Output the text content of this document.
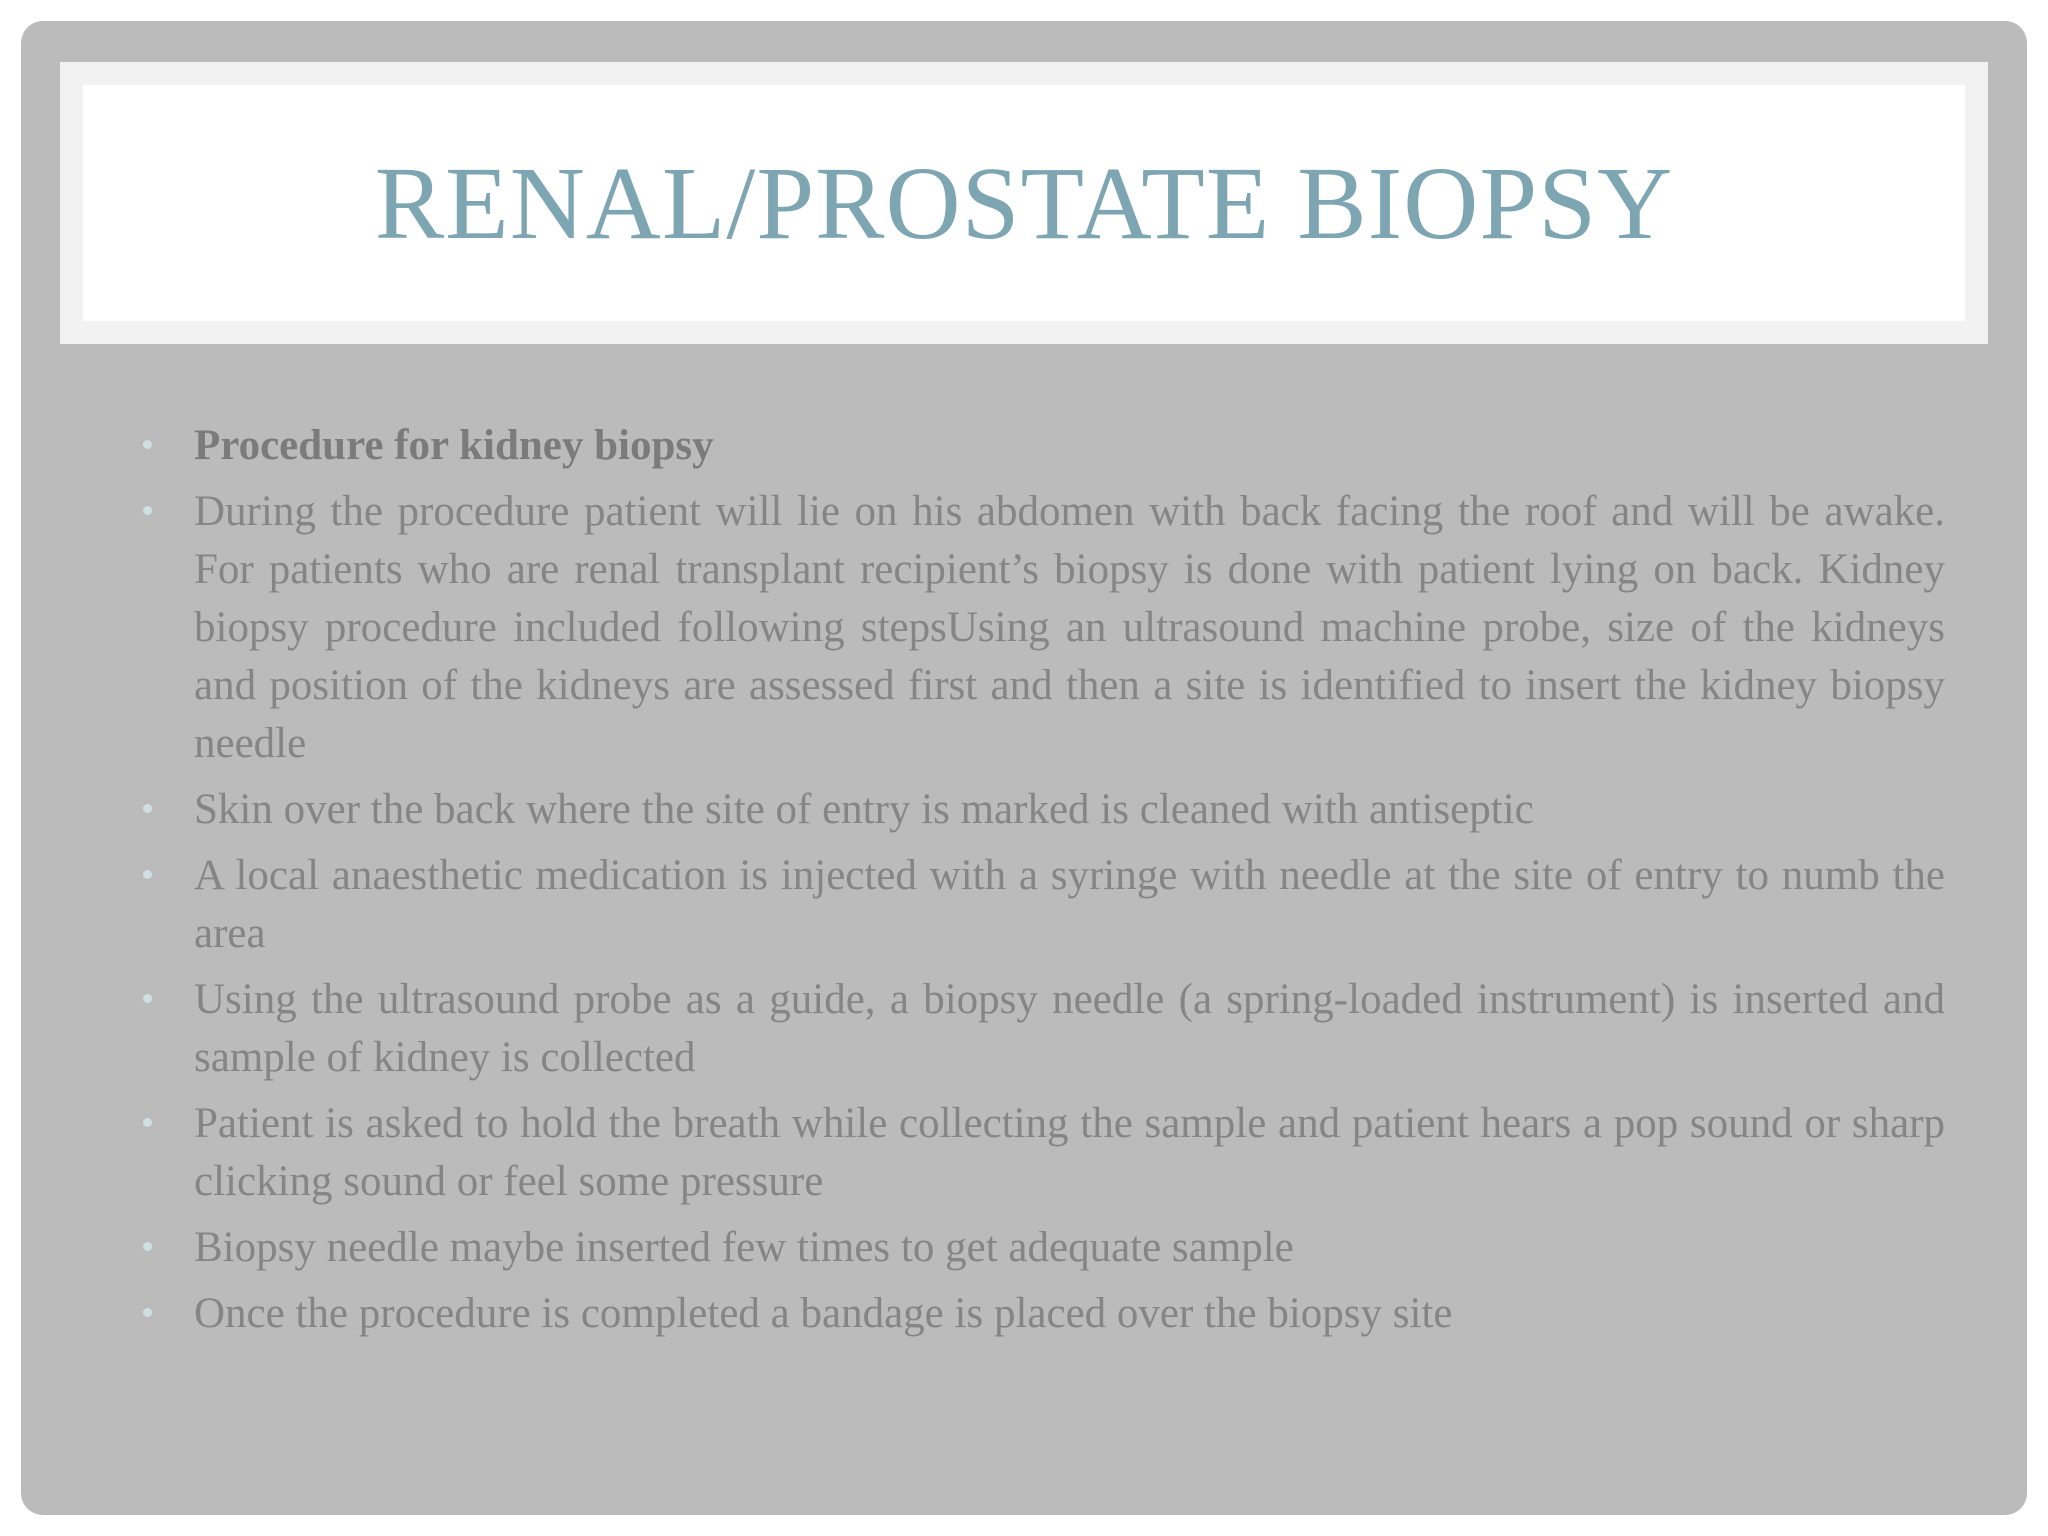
RENAL/PROSTATE BIOPSY
Procedure for kidney biopsy
During the procedure patient will lie on his abdomen with back facing the roof and will be awake. For patients who are renal transplant recipient’s biopsy is done with patient lying on back. Kidney biopsy procedure included following stepsUsing an ultrasound machine probe, size of the kidneys and position of the kidneys are assessed first and then a site is identified to insert the kidney biopsy needle
Skin over the back where the site of entry is marked is cleaned with antiseptic
A local anaesthetic medication is injected with a syringe with needle at the site of entry to numb the area
Using the ultrasound probe as a guide, a biopsy needle (a spring-loaded instrument) is inserted and sample of kidney is collected
Patient is asked to hold the breath while collecting the sample and patient hears a pop sound or sharp clicking sound or feel some pressure
Biopsy needle maybe inserted few times to get adequate sample
Once the procedure is completed a bandage is placed over the biopsy site
